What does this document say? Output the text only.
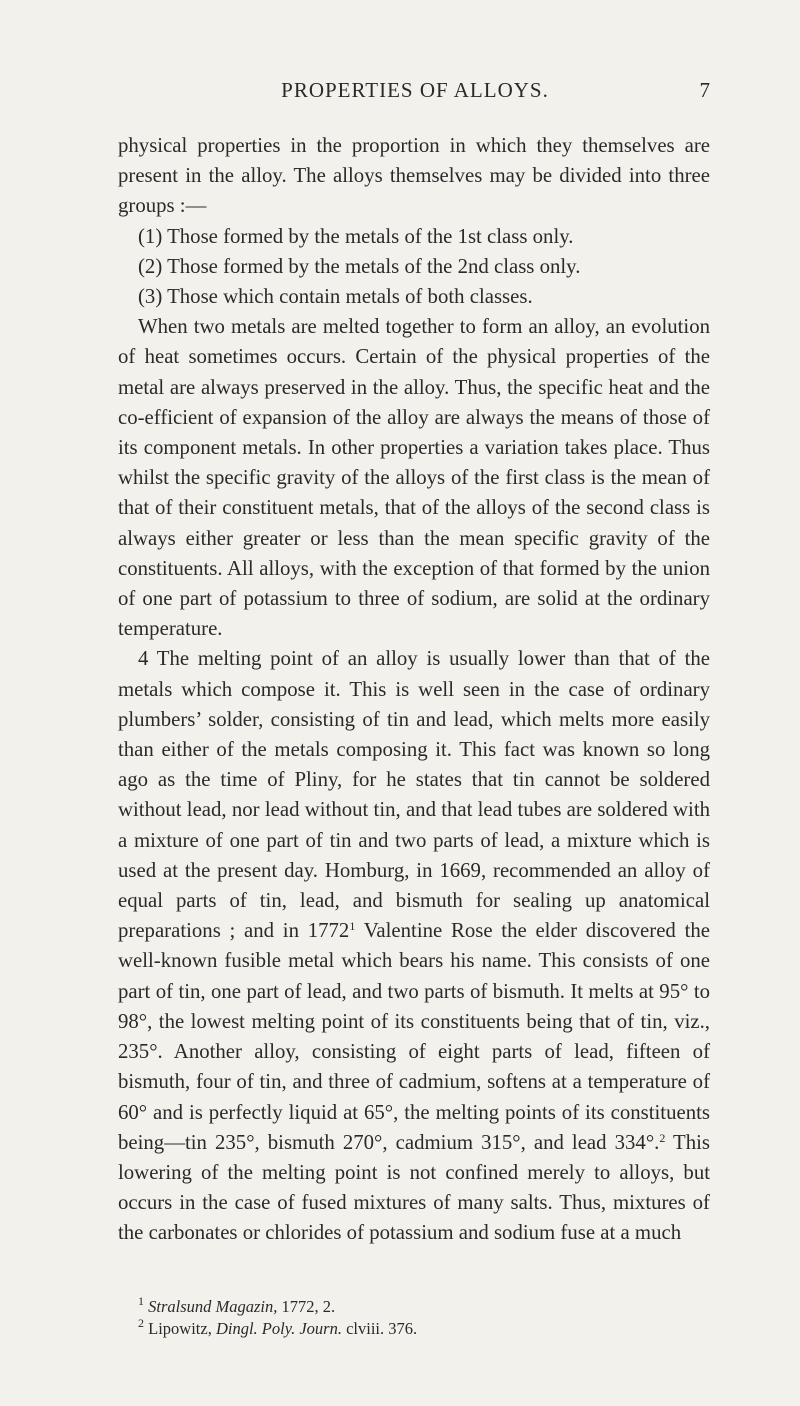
PROPERTIES OF ALLOYS.	7

physical properties in the proportion in which they themselves are present in the alloy. The alloys themselves may be divided into three groups :—

(1) Those formed by the metals of the 1st class only.

(2) Those formed by the metals of the 2nd class only.

(3) Those which contain metals of both classes.

When two metals are melted together to form an alloy, an evolution of heat sometimes occurs. Certain of the physical properties of the metal are always preserved in the alloy. Thus, the specific heat and the co-efficient of expansion of the alloy are always the means of those of its component metals. In other properties a variation takes place. Thus whilst the specific gravity of the alloys of the first class is the mean of that of their constituent metals, that of the alloys of the second class is always either greater or less than the mean specific gravity of the constituents. All alloys, with the exception of that formed by the union of one part of potassium to three of sodium, are solid at the ordinary temperature.

4 The melting point of an alloy is usually lower than that of the metals which compose it. This is well seen in the case of ordinary plumbers’ solder, consisting of tin and lead, which melts more easily than either of the metals composing it. This fact was known so long ago as the time of Pliny, for he states that tin cannot be soldered without lead, nor lead without tin, and that lead tubes are soldered with a mixture of one part of tin and two parts of lead, a mixture which is used at the present day. Homburg, in 1669, recommended an alloy of equal parts of tin, lead, and bismuth for sealing up anatomical preparations ; and in 1772$^1$ Valentine Rose the elder discovered the well-known fusible metal which bears his name. This consists of one part of tin, one part of lead, and two parts of bismuth. It melts at 95° to 98°, the lowest melting point of its constituents being that of tin, viz., 235°. Another alloy, consisting of eight parts of lead, fifteen of bismuth, four of tin, and three of cadmium, softens at a temperature of 60° and is perfectly liquid at 65°, the melting points of its constituents being—tin 235°, bismuth 270°, cadmium 315°, and lead 334°.$^2$ This lowering of the melting point is not confined merely to alloys, but occurs in the case of fused mixtures of many salts. Thus, mixtures of the carbonates or chlorides of potassium and sodium fuse at a much

$^1$ Stralsund Magazin, 1772, 2.
$^2$ Lipowitz, Dingl. Poly. Journ. clviii. 376.
